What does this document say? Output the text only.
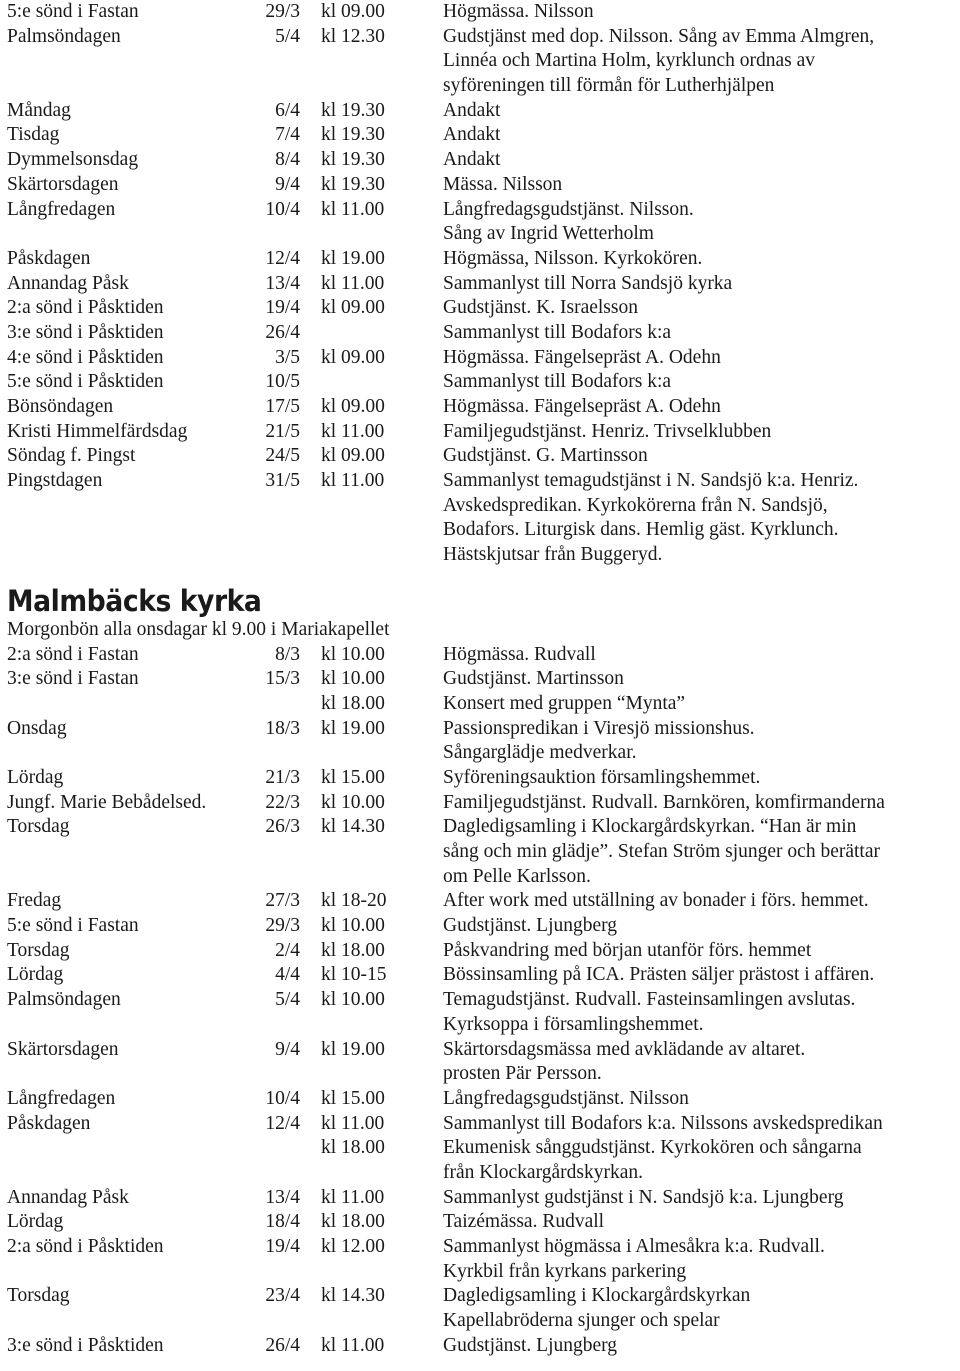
5:e sönd i Fastan	29/3 kl 09.00	Högmässa. Nilsson
Palmsöndagen	5/4 kl 12.30	Gudstjänst med dop. Nilsson. Sång av Emma Almgren,
Linnéa och Martina Holm, kyrklunch ordnas av
syföreningen till förmån för Lutherhjälpen
Måndag	6/4 kl 19.30	Andakt
Tisdag	7/4 kl 19.30	Andakt
Dymmelsonsdag	8/4 kl 19.30	Andakt
Skärtorsdagen	9/4 kl 19.30	Mässa. Nilsson
Långfredagen	10/4 kl 11.00	Långfredagsgudstjänst. Nilsson.
Sång av Ingrid Wetterholm
Påskdagen	12/4 kl 19.00	Högmässa, Nilsson. Kyrkokören.
Annandag Påsk	13/4 kl 11.00	Sammanlyst till Norra Sandsjö kyrka
2:a sönd i Påsktiden	19/4 kl 09.00	Gudstjänst. K. Israelsson
3:e sönd i Påsktiden	26/4	Sammanlyst till Bodafors k:a
4:e sönd i Påsktiden	3/5 kl 09.00	Högmässa. Fängelsepräst A. Odehn
5:e sönd i Påsktiden	10/5	Sammanlyst till Bodafors k:a
Bönsöndagen	17/5 kl 09.00	Högmässa. Fängelsepräst A. Odehn
Kristi Himmelfärdsdag	21/5 kl 11.00	Familjegudstjänst. Henriz. Trivselklubben
Söndag f. Pingst	24/5 kl 09.00	Gudstjänst. G. Martinsson
Pingstdagen	31/5 kl 11.00	Sammanlyst temagudstjänst i N. Sandsjö k:a. Henriz.
Avskedspredikan. Kyrkokörerna från N. Sandsjö,
Bodafors. Liturgisk dans. Hemlig gäst. Kyrklunch.
Hästskjutsar från Buggeryd.
Malmbäcks kyrka
Morgonbön alla onsdagar kl 9.00 i Mariakapellet
2:a sönd i Fastan	8/3 kl 10.00	Högmässa. Rudvall
3:e sönd i Fastan	15/3 kl 10.00	Gudstjänst. Martinsson
kl 18.00	Konsert med gruppen “Mynta”
Onsdag	18/3 kl 19.00	Passionspredikan i Viresjö missionshus.
Sångarglädje medverkar.
Lördag	21/3 kl 15.00	Syföreningsauktion församlingshemmet.
Jungf. Marie Bebådelsed.	22/3 kl 10.00	Familjegudstjänst. Rudvall. Barnkören, komfirmanderna
Torsdag	26/3 kl 14.30	Dagledigsamling i Klockargårdskyrkan. “Han är min
sång och min glädje”. Stefan Ström sjunger och berättar
om Pelle Karlsson.
Fredag	27/3 kl 18-20	After work med utställning av bonader i förs. hemmet.
5:e sönd i Fastan	29/3 kl 10.00	Gudstjänst. Ljungberg
Torsdag	2/4 kl 18.00	Påskvandring med början utanför förs. hemmet
Lördag	4/4 kl 10-15	Bössinsamling på ICA. Prästen säljer prästost i affären.
Palmsöndagen	5/4 kl 10.00	Temagudstjänst. Rudvall. Fasteinsamlingen avslutas.
Kyrksoppa i församlingshemmet.
Skärtorsdagen	9/4 kl 19.00	Skärtorsdagsmässa med avklädande av altaret.
prosten Pär Persson.
Långfredagen	10/4 kl 15.00	Långfredagsgudstjänst. Nilsson
Påskdagen	12/4 kl 11.00	Sammanlyst till Bodafors k:a. Nilssons avskedspredikan
kl 18.00	Ekumenisk sånggudstjänst. Kyrkokören och sångarna
från Klockargårdskyrkan.
Annandag Påsk	13/4 kl 11.00	Sammanlyst gudstjänst i N. Sandsjö k:a. Ljungberg
Lördag	18/4 kl 18.00	Taizémässa. Rudvall
2:a sönd i Påsktiden	19/4 kl 12.00	Sammanlyst högmässa i Almesåkra k:a. Rudvall.
Kyrkbil från kyrkans parkering
Torsdag	23/4 kl 14.30	Dagledigsamling i Klockargårdskyrkan
Kapellabröderna sjunger och spelar
3:e sönd i Påsktiden	26/4 kl 11.00	Gudstjänst. Ljungberg
